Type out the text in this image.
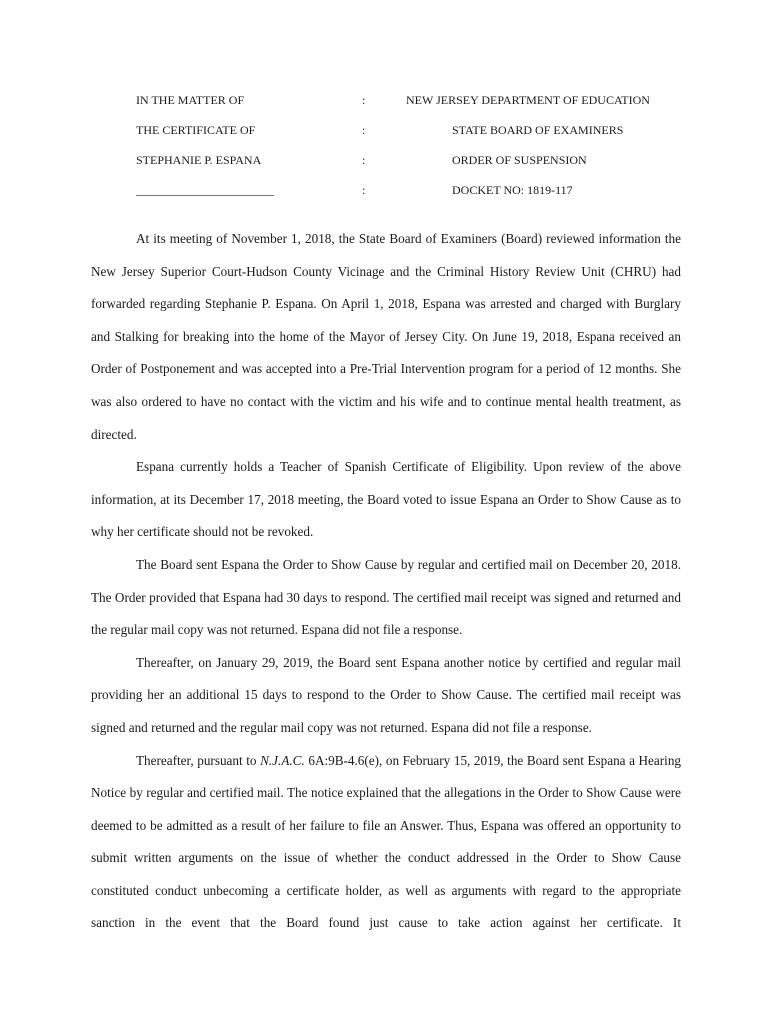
IN THE MATTER OF	:	NEW JERSEY DEPARTMENT OF EDUCATION
THE CERTIFICATE OF	:	STATE BOARD OF EXAMINERS
STEPHANIE P. ESPANA	:	ORDER OF SUSPENSION
_______________________	:	DOCKET NO: 1819-117

At its meeting of November 1, 2018, the State Board of Examiners (Board) reviewed information the New Jersey Superior Court-Hudson County Vicinage and the Criminal History Review Unit (CHRU) had forwarded regarding Stephanie P. Espana. On April 1, 2018, Espana was arrested and charged with Burglary and Stalking for breaking into the home of the Mayor of Jersey City. On June 19, 2018, Espana received an Order of Postponement and was accepted into a Pre-Trial Intervention program for a period of 12 months. She was also ordered to have no contact with the victim and his wife and to continue mental health treatment, as directed.

Espana currently holds a Teacher of Spanish Certificate of Eligibility. Upon review of the above information, at its December 17, 2018 meeting, the Board voted to issue Espana an Order to Show Cause as to why her certificate should not be revoked.

The Board sent Espana the Order to Show Cause by regular and certified mail on December 20, 2018. The Order provided that Espana had 30 days to respond. The certified mail receipt was signed and returned and the regular mail copy was not returned. Espana did not file a response.

Thereafter, on January 29, 2019, the Board sent Espana another notice by certified and regular mail providing her an additional 15 days to respond to the Order to Show Cause. The certified mail receipt was signed and returned and the regular mail copy was not returned. Espana did not file a response.

Thereafter, pursuant to N.J.A.C. 6A:9B-4.6(e), on February 15, 2019, the Board sent Espana a Hearing Notice by regular and certified mail. The notice explained that the allegations in the Order to Show Cause were deemed to be admitted as a result of her failure to file an Answer. Thus, Espana was offered an opportunity to submit written arguments on the issue of whether the conduct addressed in the Order to Show Cause constituted conduct unbecoming a certificate holder, as well as arguments with regard to the appropriate sanction in the event that the Board found just cause to take action against her certificate. It
